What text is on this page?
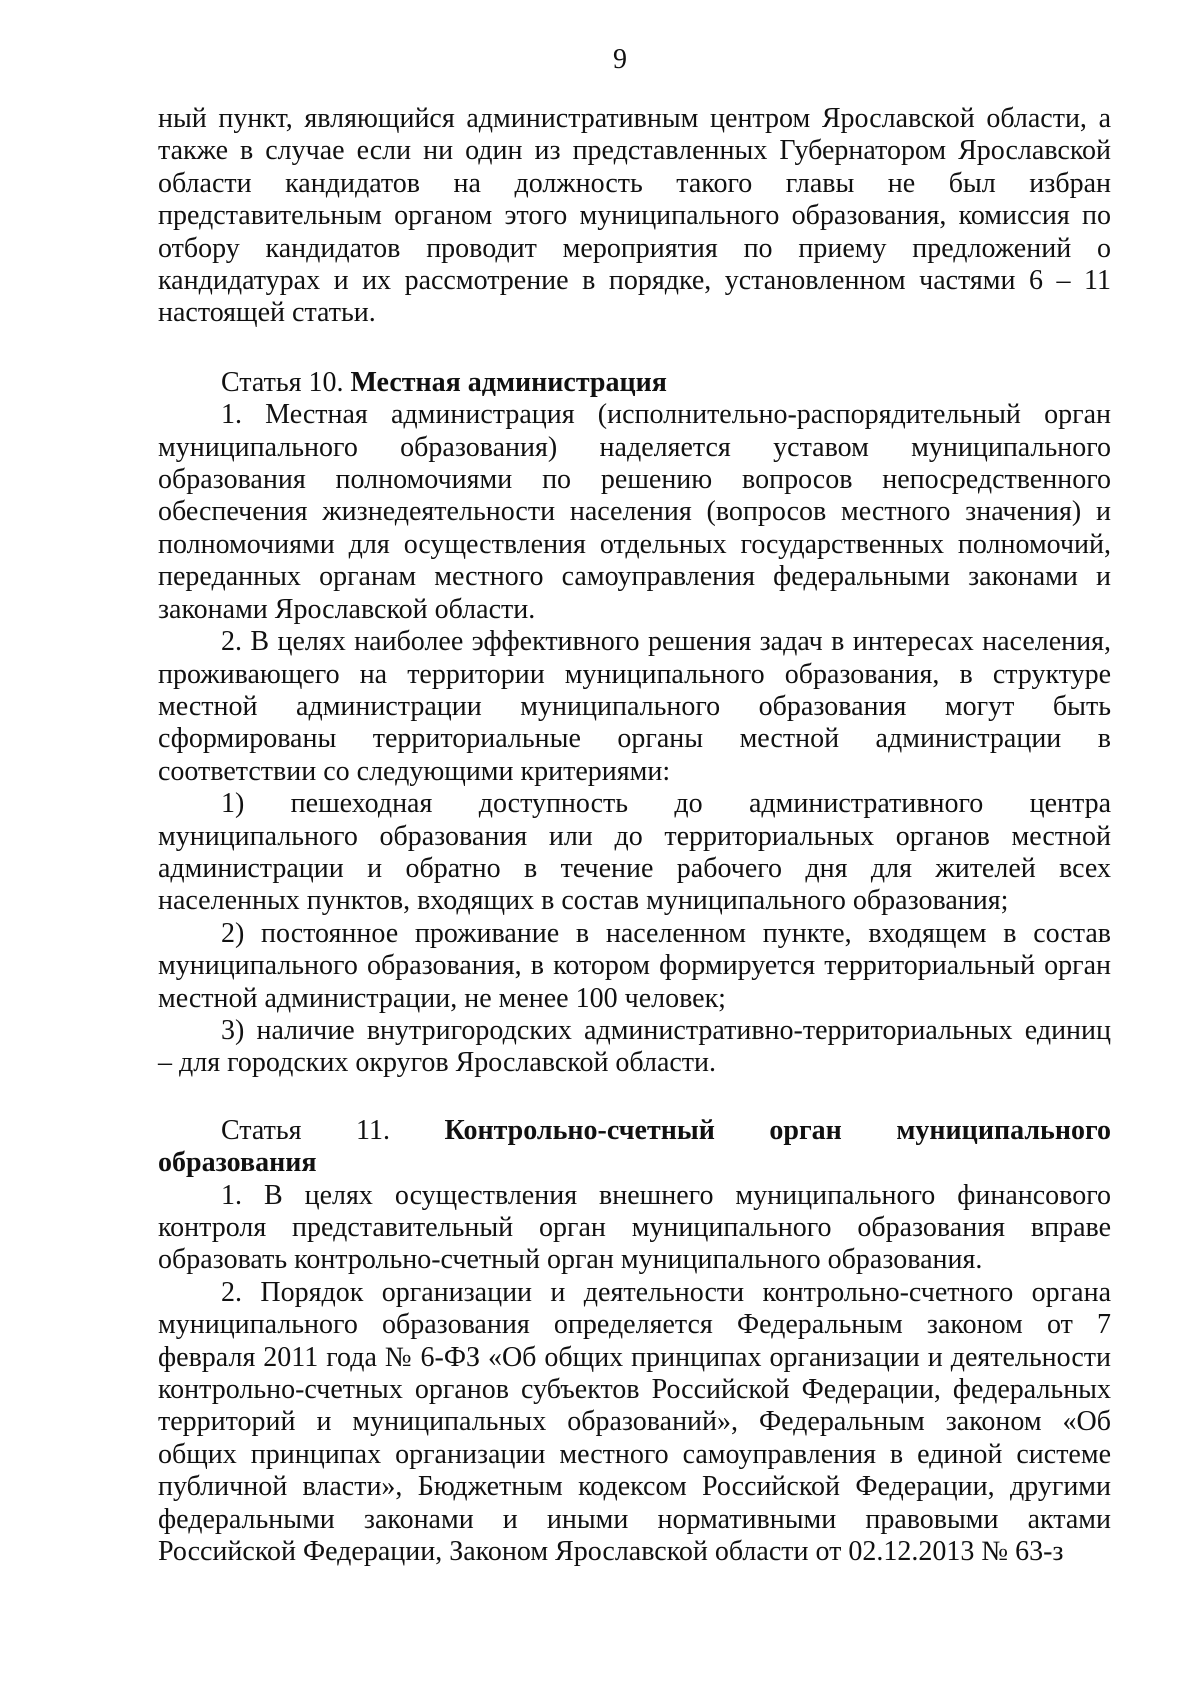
9

ный пункт, являющийся административным центром Ярославской области, а также в случае если ни один из представленных Губернатором Ярославской области кандидатов на должность такого главы не был избран представительным органом этого муниципального образования, комиссия по отбору кандидатов проводит мероприятия по приему предложений о кандидатурах и их рассмотрение в порядке, установленном частями 6 – 11 настоящей статьи.

Статья 10. Местная администрация

1. Местная администрация (исполнительно-распорядительный орган муниципального образования) наделяется уставом муниципального образования полномочиями по решению вопросов непосредственного обеспечения жизнедеятельности населения (вопросов местного значения) и полномочиями для осуществления отдельных государственных полномочий, переданных органам местного самоуправления федеральными законами и законами Ярославской области.

2. В целях наиболее эффективного решения задач в интересах населения, проживающего на территории муниципального образования, в структуре местной администрации муниципального образования могут быть сформированы территориальные органы местной администрации в соответствии со следующими критериями:

1) пешеходная доступность до административного центра муниципального образования или до территориальных органов местной администрации и обратно в течение рабочего дня для жителей всех населенных пунктов, входящих в состав муниципального образования;

2) постоянное проживание в населенном пункте, входящем в состав муниципального образования, в котором формируется территориальный орган местной администрации, не менее 100 человек;

3) наличие внутригородских административно-территориальных единиц – для городских округов Ярославской области.

Статья 11. Контрольно-счетный орган муниципального

образования

1. В целях осуществления внешнего муниципального финансового контроля представительный орган муниципального образования вправе образовать контрольно-счетный орган муниципального образования.

2. Порядок организации и деятельности контрольно-счетного органа муниципального образования определяется Федеральным законом от 7 февраля 2011 года № 6-ФЗ «Об общих принципах организации и деятельности контрольно-счетных органов субъектов Российской Федерации, федеральных территорий и муниципальных образований», Федеральным законом «Об общих принципах организации местного самоуправления в единой системе публичной власти», Бюджетным кодексом Российской Федерации, другими федеральными законами и иными нормативными правовыми актами Российской Федерации, Законом Ярославской области от 02.12.2013 № 63-з
